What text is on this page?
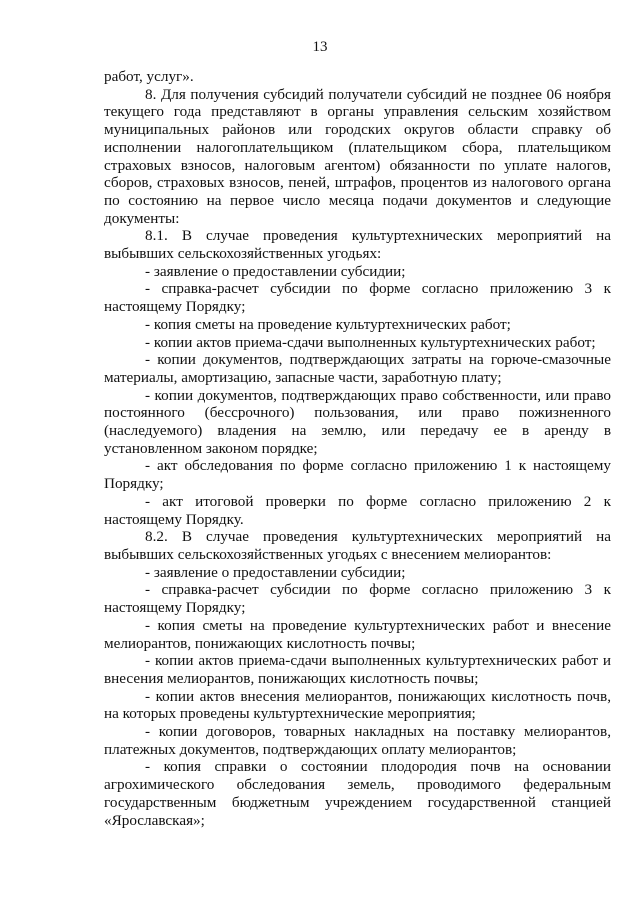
13

работ, услуг».

8. Для получения субсидий получатели субсидий не позднее 06 ноября текущего года представляют в органы управления сельским хозяйством муниципальных районов или городских округов области справку об исполнении налогоплательщиком (плательщиком сбора, плательщиком страховых взносов, налоговым агентом) обязанности по уплате налогов, сборов, страховых взносов, пеней, штрафов, процентов из налогового органа по состоянию на первое число месяца подачи документов и следующие документы:

8.1. В случае проведения культуртехнических мероприятий на выбывших сельскохозяйственных угодьях:

- заявление о предоставлении субсидии;

- справка-расчет субсидии по форме согласно приложению 3 к настоящему Порядку;

- копия сметы на проведение культуртехнических работ;

- копии актов приема-сдачи выполненных культуртехнических работ;

- копии документов, подтверждающих затраты на горюче-смазочные материалы, амортизацию, запасные части, заработную плату;

- копии документов, подтверждающих право собственности, или право постоянного (бессрочного) пользования, или право пожизненного (наследуемого) владения на землю, или передачу ее в аренду в установленном законом порядке;

- акт обследования по форме согласно приложению 1 к настоящему Порядку;

- акт итоговой проверки по форме согласно приложению 2 к настоящему Порядку.

8.2. В случае проведения культуртехнических мероприятий на выбывших сельскохозяйственных угодьях с внесением мелиорантов:

- заявление о предоставлении субсидии;

- справка-расчет субсидии по форме согласно приложению 3 к настоящему Порядку;

- копия сметы на проведение культуртехнических работ и внесение мелиорантов, понижающих кислотность почвы;

- копии актов приема-сдачи выполненных культуртехнических работ и внесения мелиорантов, понижающих кислотность почвы;

- копии актов внесения мелиорантов, понижающих кислотность почв, на которых проведены культуртехнические мероприятия;

- копии договоров, товарных накладных на поставку мелиорантов, платежных документов, подтверждающих оплату мелиорантов;

- копия справки о состоянии плодородия почв на основании агрохимического обследования земель, проводимого федеральным государственным бюджетным учреждением государственной станцией «Ярославская»;
